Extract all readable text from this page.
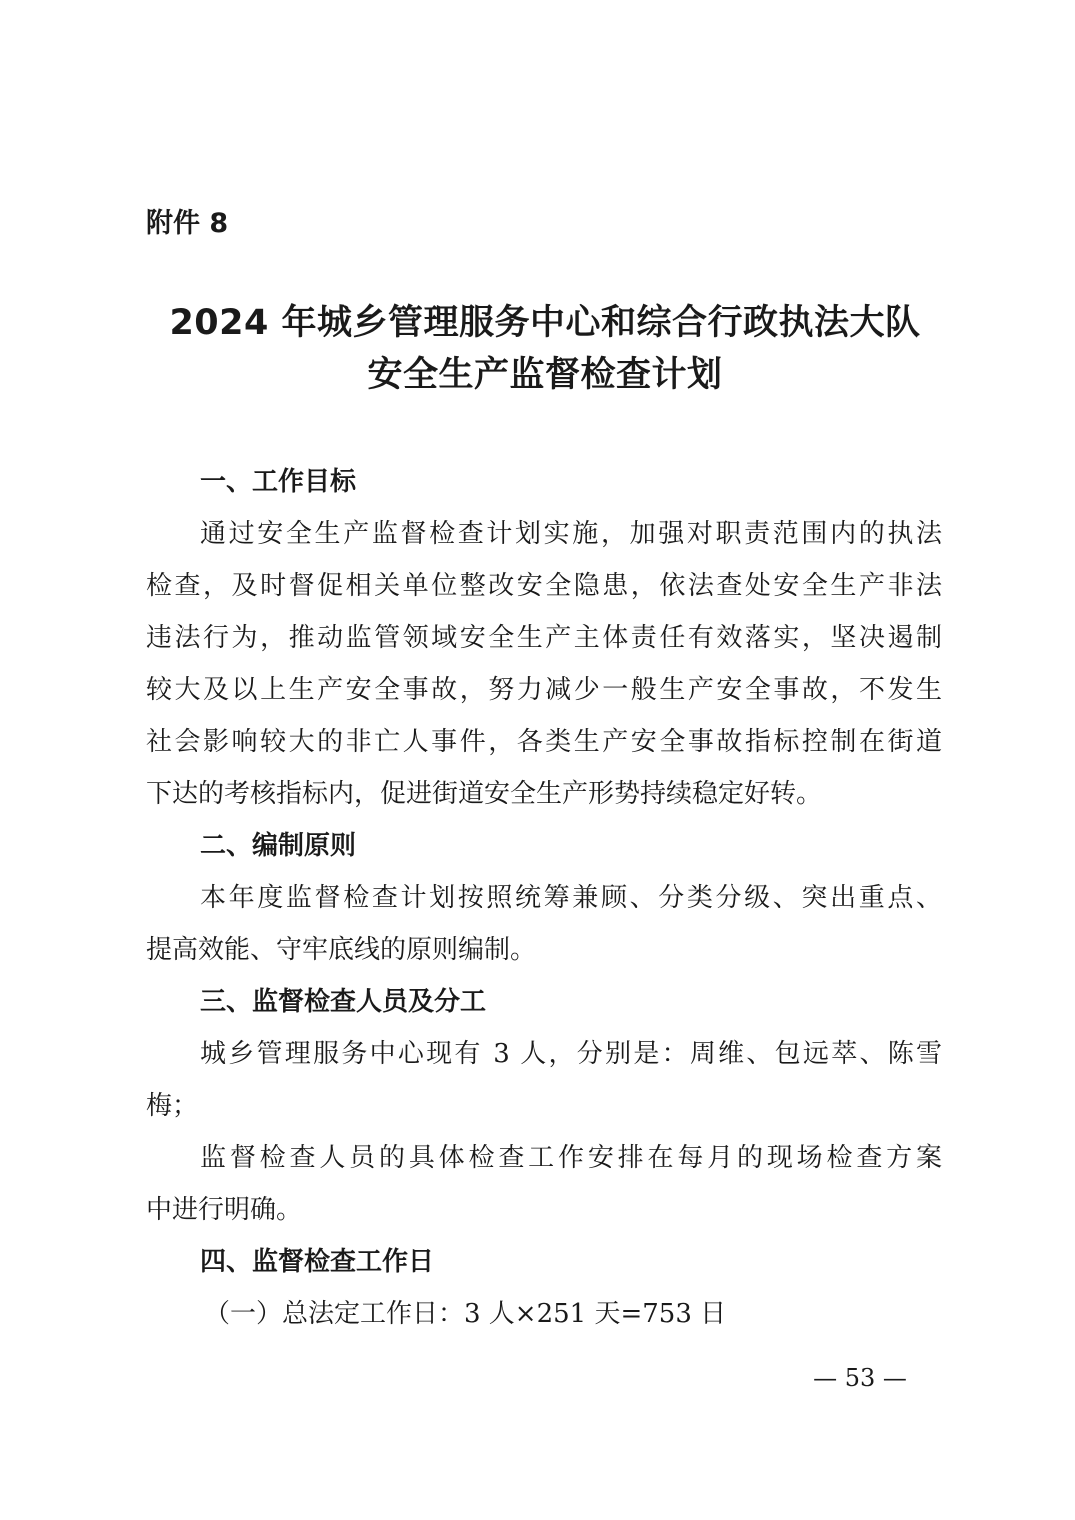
附件 8
2024 年城乡管理服务中心和综合行政执法大队
安全生产监督检查计划
一、工作目标
通过安全生产监督检查计划实施，加强对职责范围内的执法
检查，及时督促相关单位整改安全隐患，依法查处安全生产非法
违法行为，推动监管领域安全生产主体责任有效落实，坚决遏制
较大及以上生产安全事故，努力减少一般生产安全事故，不发生
社会影响较大的非亡人事件，各类生产安全事故指标控制在街道
下达的考核指标内，促进街道安全生产形势持续稳定好转。
二、编制原则
本年度监督检查计划按照统筹兼顾、分类分级、突出重点、
提高效能、守牢底线的原则编制。
三、监督检查人员及分工
城乡管理服务中心现有 3 人，分别是：周维、包远萃、陈雪
梅；
监督检查人员的具体检查工作安排在每月的现场检查方案
中进行明确。
四、监督检查工作日
（一）总法定工作日：3 人×251 天=753 日
— 53 —
